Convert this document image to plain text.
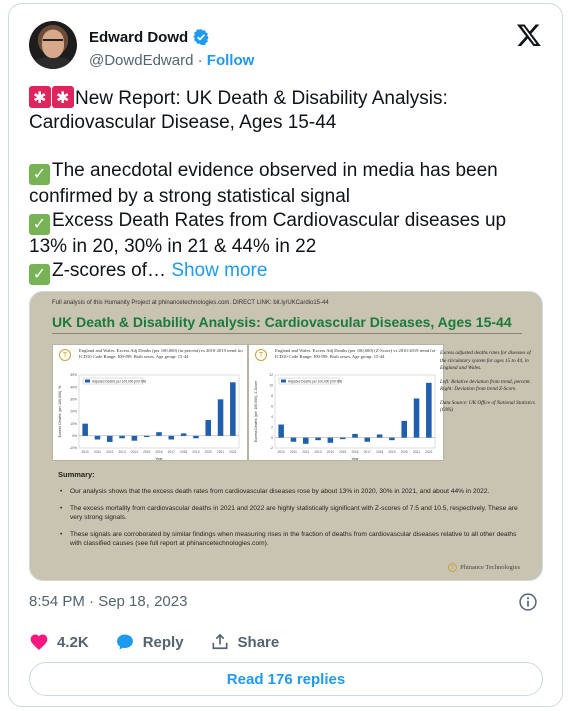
Edward Dowd
@DowdEdward · Follow

✱✱New Report: UK Death & Disability Analysis: Cardiovascular Disease, Ages 15-44

✓ The anecdotal evidence observed in media has been confirmed by a strong statistical signal

✓ Excess Death Rates from Cardiovascular diseases up 13% in 20, 30% in 21 & 44% in 22

✓ Z-scores of… Show more

Full analysis of this Humanity Project at phinancetechnologies.com. DIRECT LINK: bit.ly/UKCardio15-44
UK Death & Disability Analysis: Cardiovascular Diseases, Ages 15-44
T
England and Wales. Excess Adj Deaths (per 100,000) (in percent) vs 2010-2019 trend for ICD10 Code Range: I00-I99. Both sexes. Age group: 15-44
Adjusted Deaths per 100,000 (I00-I99)
-10%
0%
10%
20%
30%
40%
50%
Excess Deaths (per 100,000), %
2010 2011 2012 2013 2014 2015 2016 2017 2018 2019 2020 2021 2022
Year
T
England and Wales. Excess Adj Deaths (per 100,000) (Z-Score) vs 2010-2019 trend for ICD10 Code Range: I00-I99. Both sexes. Age group: 15-44
Adjusted Deaths per 100,000 (I00-I99)
-2
0
2
4
6
8
10
12
Excess Deaths (per 100,000), Z-Score
2010 2011 2012 2013 2014 2015 2016 2017 2018 2019 2020 2021 2022
Year

Excess adjusted deaths rates for diseases of the circulatory system for ages 15 to 44, in England and Wales.

Left: Relative deviation from trend, percent. Right: Deviation from trend Z-Score.

Data Source: UK Office of National Statistics (ONS)

Summary:
• Our analysis shows that the excess death rates from cardiovascular diseases rose by about 13% in 2020, 30% in 2021, and about 44% in 2022.
• The excess mortality from cardiovascular deaths in 2021 and 2022 are highly statistically significant with Z-scores of 7.5 and 10.5, respectively. These are very strong signals.
• These signals are corroborated by similar findings when measuring rises in the fraction of deaths from cardiovascular diseases relative to all other deaths with classified causes (see full report at phinancetechnologies.com).
T Phinance Technologies
8:54 PM · Sep 18, 2023
4.2K	Reply	Share
Read 176 replies
